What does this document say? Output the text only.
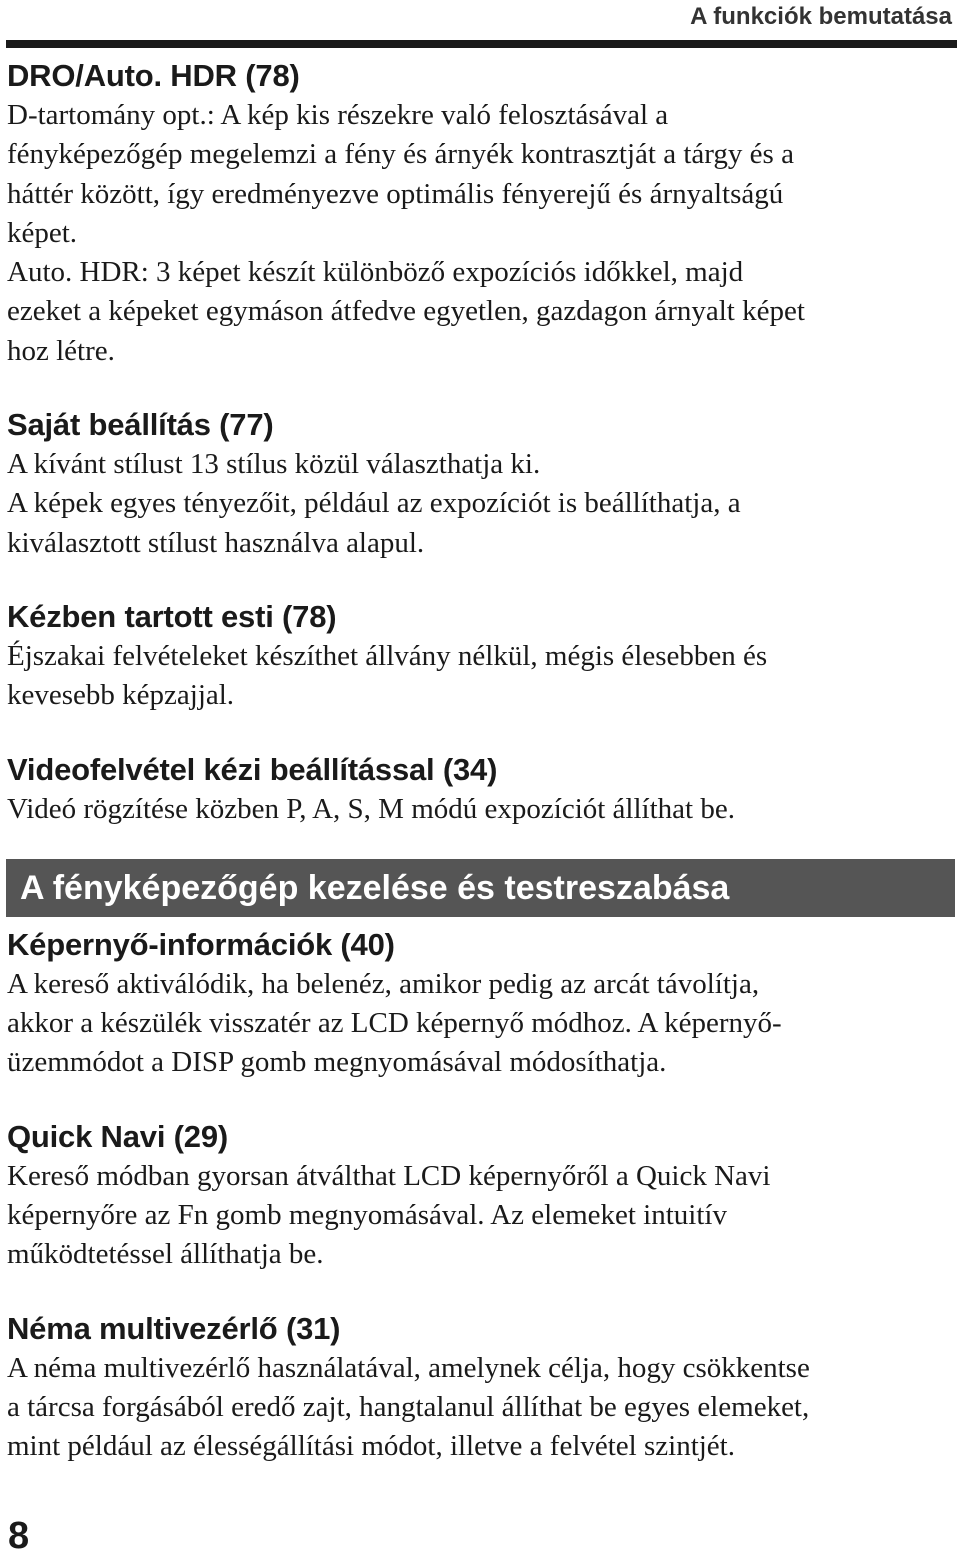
A funkciók bemutatása
DRO/Auto. HDR (78)

D-tartomány opt.: A kép kis részekre való felosztásával a

fényképezőgép megelemzi a fény és árnyék kontrasztját a tárgy és a

háttér között, így eredményezve optimális fényerejű és árnyaltságú

képet.

Auto. HDR: 3 képet készít különböző expozíciós időkkel, majd

ezeket a képeket egymáson átfedve egyetlen, gazdagon árnyalt képet

hoz létre.

Saját beállítás (77)

A kívánt stílust 13 stílus közül választhatja ki.

A képek egyes tényezőit, például az expozíciót is beállíthatja, a

kiválasztott stílust használva alapul.

Kézben tartott esti (78)

Éjszakai felvételeket készíthet állvány nélkül, mégis élesebben és

kevesebb képzajjal.

Videofelvétel kézi beállítással (34)

Videó rögzítése közben P, A, S, M módú expozíciót állíthat be.

A fényképezőgép kezelése és testreszabása
Képernyő-információk (40)

A kereső aktiválódik, ha belenéz, amikor pedig az arcát távolítja,

akkor a készülék visszatér az LCD képernyő módhoz. A képernyő-

üzemmódot a DISP gomb megnyomásával módosíthatja.

Quick Navi (29)

Kereső módban gyorsan átválthat LCD képernyőről a Quick Navi

képernyőre az Fn gomb megnyomásával. Az elemeket intuitív

működtetéssel állíthatja be.

Néma multivezérlő (31)

A néma multivezérlő használatával, amelynek célja, hogy csökkentse

a tárcsa forgásából eredő zajt, hangtalanul állíthat be egyes elemeket,

mint például az élességállítási módot, illetve a felvétel szintjét.

8
